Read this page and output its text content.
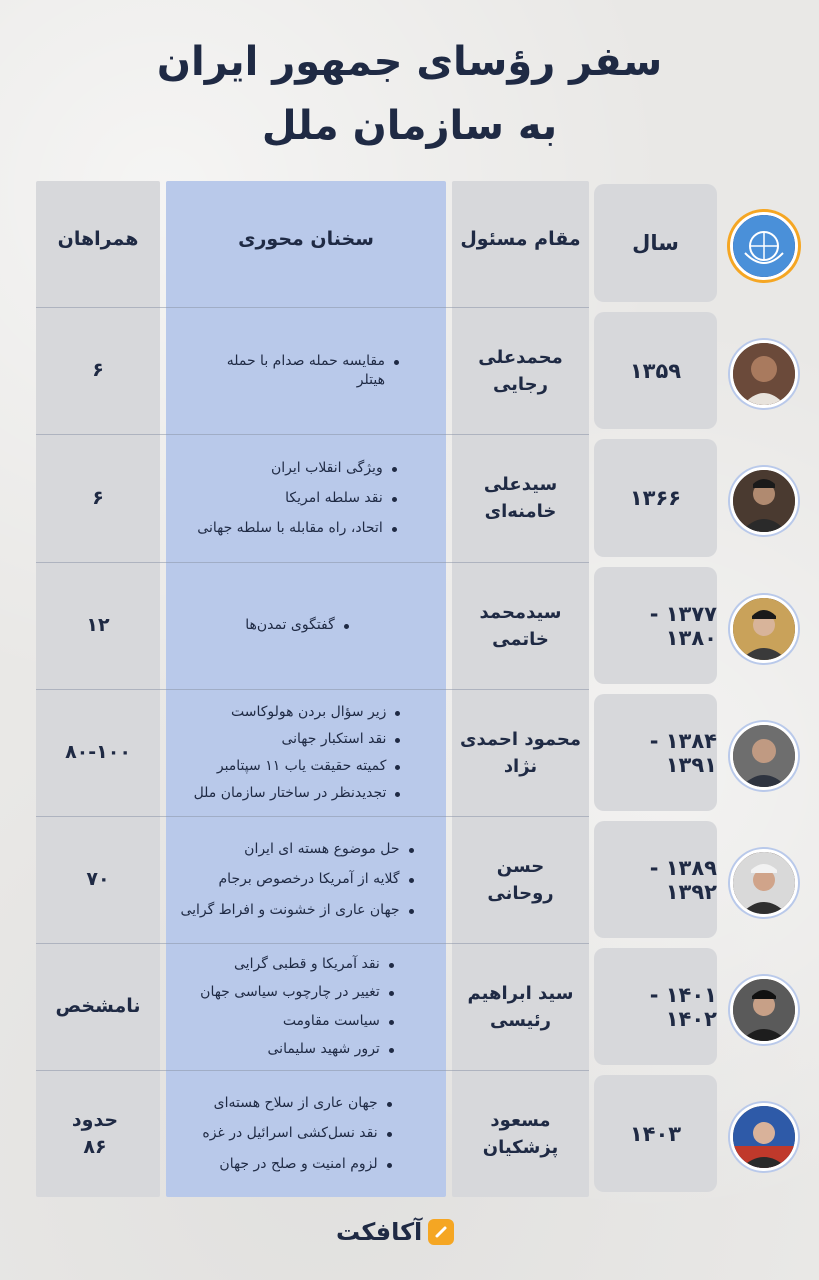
سفر رؤسای جمهور ایران
به سازمان ملل
سال
مقام مسئول
سخنان محوری
همراهان
۱۳۵۹
محمدعلی
رجایی
مقایسه حمله صدام با حمله هیتلر
۶
۱۳۶۶
سیدعلی
خامنه‌ای
ویژگی انقلاب ایران
نقد سلطه امریکا
اتحاد، راه مقابله با سلطه جهانی
۶
۱۳۷۷ - ۱۳۸۰
سیدمحمد
خاتمی
گفتگوی تمدن‌ها
۱۲
۱۳۸۴ - ۱۳۹۱
محمود احمدی
نژاد
زیر سؤال بردن هولوکاست
نقد استکبار جهانی
کمیته حقیقت یاب ۱۱ سپتامبر
تجدیدنظر در ساختار سازمان ملل
۸۰-۱۰۰
۱۳۸۹ - ۱۳۹۲
حسن
روحانی
حل موضوع هسته ای ایران
گلایه از آمریکا درخصوص برجام
جهان عاری از خشونت و افراط گرایی
۷۰
۱۴۰۱ - ۱۴۰۲
سید ابراهیم
رئیسی
نقد آمریکا و قطبی گرایی
تغییر در چارچوب سیاسی جهان
سیاست مقاومت
ترور شهید سلیمانی
نامشخص
۱۴۰۳
مسعود
پزشکیان
جهان عاری از سلاح هسته‌ای
نقد نسل‌کشی اسرائیل در غزه
لزوم امنیت و صلح در جهان
حدود
۸۶
آکافکت
